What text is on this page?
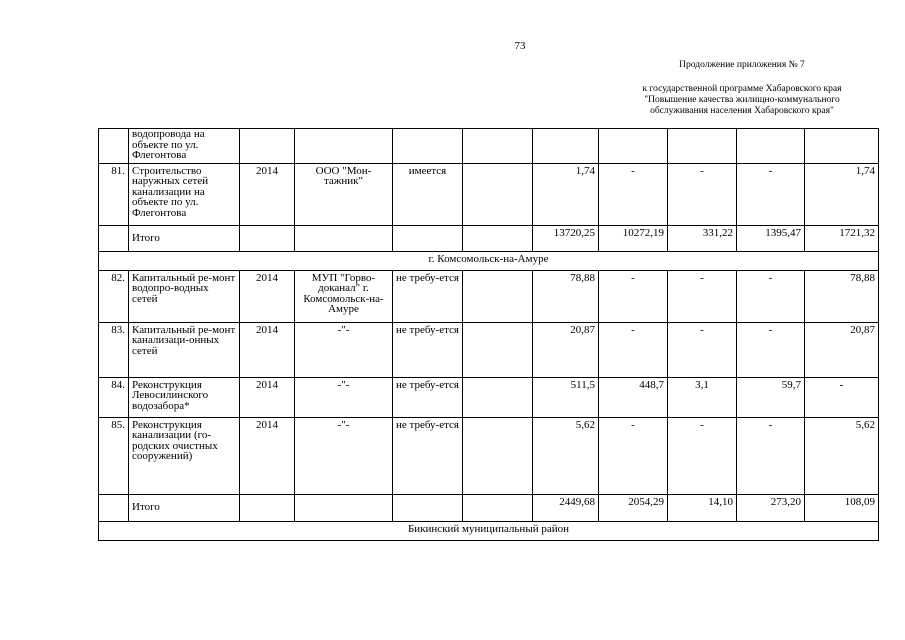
73
Продолжение приложения № 7
к государственной программе Хабаровского края
"Повышение качества жилищно-коммунального
обслуживания населения Хабаровского края"
	водопровода на объекте по ул. Флегонтова									
81.	Строительство наружных сетей канализации на объекте по ул. Флегонтова	2014	ООО "Мон-тажник"	имеется		1,74	-	-	-	1,74
	Итого					13720,25	10272,19	331,22	1395,47	1721,32
г. Комсомольск-на-Амуре										
82.	Капитальный ре-монт водопро-водных сетей	2014	МУП "Горво-доканал" г. Комсомольск-на-Амуре	не требу-ется		78,88	-	-	-	78,88
83.	Капитальный ре-монт канализаци-онных сетей	2014	-"-	не требу-ется		20,87	-	-	-	20,87
84.	Реконструкция Левосилинского водозабора*	2014	-"-	не требу-ется		511,5	448,7	3,1	59,7	-
85.	Реконструкция канализации (го-родских очистных сооружений)	2014	-"-	не требу-ется		5,62	-	-	-	5,62
	Итого					2449,68	2054,29	14,10	273,20	108,09
Бикинский муниципальный район										
